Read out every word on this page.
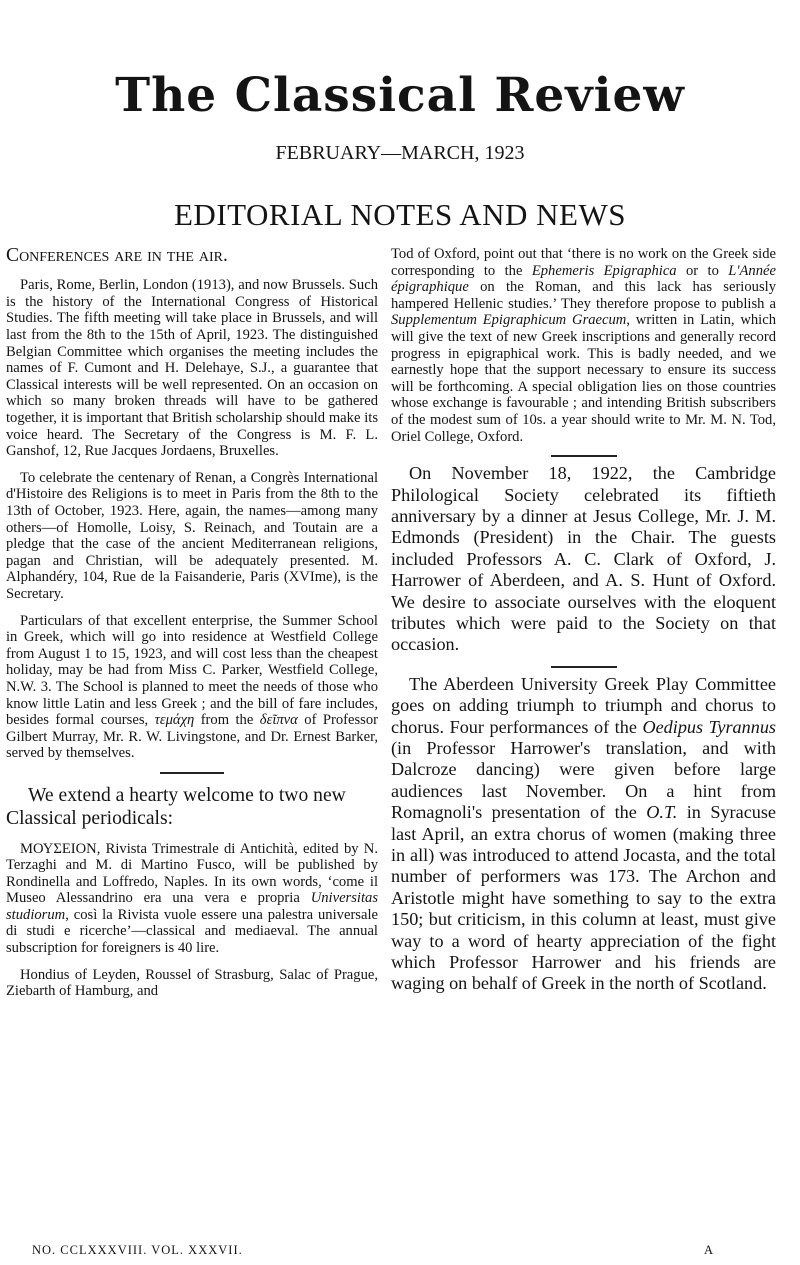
The Classical Review
FEBRUARY—MARCH, 1923
EDITORIAL NOTES AND NEWS

Conferences are in the air.

Paris, Rome, Berlin, London (1913), and now Brussels. Such is the history of the International Congress of Historical Studies. The fifth meeting will take place in Brussels, and will last from the 8th to the 15th of April, 1923. The distinguished Belgian Committee which organises the meeting includes the names of F. Cumont and H. Delehaye, S.J., a guarantee that Classical interests will be well represented. On an occasion on which so many broken threads will have to be gathered together, it is important that British scholarship should make its voice heard. The Secretary of the Congress is M. F. L. Ganshof, 12, Rue Jacques Jordaens, Bruxelles.

To celebrate the centenary of Renan, a Congrès International d'Histoire des Religions is to meet in Paris from the 8th to the 13th of October, 1923. Here, again, the names—among many others—of Homolle, Loisy, S. Reinach, and Toutain are a pledge that the case of the ancient Mediterranean religions, pagan and Christian, will be adequately presented. M. Alphandéry, 104, Rue de la Faisanderie, Paris (XVIme), is the Secretary.

Particulars of that excellent enterprise, the Summer School in Greek, which will go into residence at Westfield College from August 1 to 15, 1923, and will cost less than the cheapest holiday, may be had from Miss C. Parker, Westfield College, N.W. 3. The School is planned to meet the needs of those who know little Latin and less Greek ; and the bill of fare includes, besides formal courses, τεμάχη from the δεῖπνα of Professor Gilbert Murray, Mr. R. W. Livingstone, and Dr. Ernest Barker, served by themselves.

We extend a hearty welcome to two new Classical periodicals:

ΜΟΥΣΕΙΟΝ, Rivista Trimestrale di Antichità, edited by N. Terzaghi and M. di Martino Fusco, will be published by Rondinella and Loffredo, Naples. In its own words, ‘come il Museo Alessandrino era una vera e propria Universitas studiorum, così la Rivista vuole essere una palestra universale di studi e ricerche’—classical and mediaeval. The annual subscription for foreigners is 40 lire.

Hondius of Leyden, Roussel of Strasburg, Salac of Prague, Ziebarth of Hamburg, and

Tod of Oxford, point out that ‘there is no work on the Greek side corresponding to the Ephemeris Epigraphica or to L'Année épigraphique on the Roman, and this lack has seriously hampered Hellenic studies.’ They therefore propose to publish a Supplementum Epigraphicum Graecum, written in Latin, which will give the text of new Greek inscriptions and generally record progress in epigraphical work. This is badly needed, and we earnestly hope that the support necessary to ensure its success will be forthcoming. A special obligation lies on those countries whose exchange is favourable ; and intending British subscribers of the modest sum of 10s. a year should write to Mr. M. N. Tod, Oriel College, Oxford.

On November 18, 1922, the Cambridge Philological Society celebrated its fiftieth anniversary by a dinner at Jesus College, Mr. J. M. Edmonds (President) in the Chair. The guests included Professors A. C. Clark of Oxford, J. Harrower of Aberdeen, and A. S. Hunt of Oxford. We desire to associate ourselves with the eloquent tributes which were paid to the Society on that occasion.

The Aberdeen University Greek Play Committee goes on adding triumph to triumph and chorus to chorus. Four performances of the Oedipus Tyrannus (in Professor Harrower's translation, and with Dalcroze dancing) were given before large audiences last November. On a hint from Romagnoli's presentation of the O.T. in Syracuse last April, an extra chorus of women (making three in all) was introduced to attend Jocasta, and the total number of performers was 173. The Archon and Aristotle might have something to say to the extra 150; but criticism, in this column at least, must give way to a word of hearty appreciation of the fight which Professor Harrower and his friends are waging on behalf of Greek in the north of Scotland.

NO. CCLXXXVIII. VOL. XXXVII.	A
